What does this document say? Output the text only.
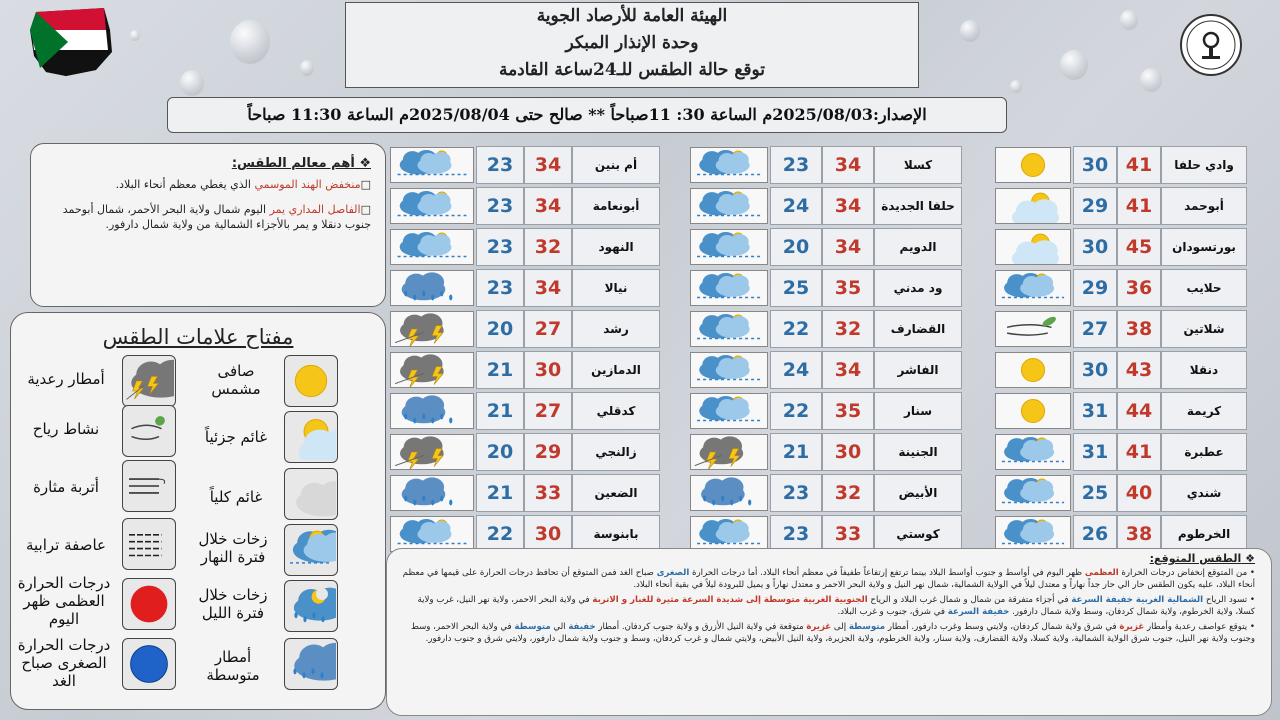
الهيئة العامة للأرصاد الجوية
وحدة الإنذار المبكر
توقع حالة الطقس للـ24ساعة القادمة
الإصدار:2025/08/03م الساعة 30: 11صباحاً ** صالح حتى 2025/08/04م الساعة 11:30 صباحاً
❖ أهم معالم الطقس:

□منخفض الهند الموسمي الذي يغطي معظم أنحاء البلاد.

□الفاصل المداري يمر اليوم شمال ولاية البحر الأحمر، شمال أبوحمد جنوب دنقلا و يمر بالأجزاء الشمالية من ولاية شمال دارفور.

مفتاح علامات الطقس
30 41	وادي حلفا
29 41	أبوحمد
30 45	بورتسودان
29 36	حلايب
27 38	شلاتين
30 43	دنقلا
31 44	كريمة
31 41	عطبرة
25 40	شندي
26 38	الخرطوم
23	34	كسلا
24	34	حلفا الجديدة
20	34	الدويم
25	35	ود مدني
22	32	القضارف
24	34	الفاشر
22	35	سنار
21	30	الجنينة
23	32	الأبيض
23	33	كوستي
23	34	أم بنين
23	34	أبونعامة
23	32	النهود
23	34	نيالا
20	27	رشد
21	30	الدمازين
21	27	كدقلي
20	29	زالنجي
21	33	الضعين
22	30	بابنوسة
❖ الطقس المتوقع:

• من المتوقع إنخفاض درجات الحرارة العظمى ظهر اليوم في أواسط و جنوب أواسط البلاد بينما ترتفع إرتفاعاً طفيفاً في معظم أنحاء البلاد. أما درجات الحرارة الصغرى صباح الغد فمن المتوقع أن تحافظ درجات الحرارة على قيمها في معظم أنحاء البلاد، عليه يكون الطقس حار الي حار جداً نهاراً و معتدل ليلاً في الولاية الشمالية، شمال نهر النيل و ولاية البحر الاحمر و معتدل نهاراً و يميل للبرودة ليلاً في بقية أنحاء البلاد.

• تسود الرياح الشمالية الغربية خفيفة السرعة في أجزاء متفرقة من شمال و شمال غرب البلاد و الرياح الجنوبية الغربية متوسطة إلى شديدة السرعة مثيرة للغبار و الاتربة في ولاية البحر الاحمر، ولاية نهر النيل، غرب ولاية كسلا، ولاية الخرطوم، ولاية شمال كردفان، وسط ولاية شمال دارفور. خفيفة السرعة في شرق، جنوب و غرب البلاد.

• يتوقع عواصف رعدية وأمطار غزيرة في شرق ولاية شمال كردفان، ولايتي وسط وغرب دارفور. أمطار متوسطة إلى غزيرة متوقعة في ولاية النيل الأزرق و ولاية جنوب كردفان. أمطار خفيفة الي متوسطة في ولاية البحر الاحمر، وسط وجنوب ولاية نهر النيل، جنوب شرق الولاية الشمالية، ولاية كسلا، ولاية القضارف، ولاية سنار، ولاية الخرطوم، ولاية الجزيرة، ولاية النيل الأبيض، ولايتي شمال و غرب كردفان، وسط و جنوب ولاية شمال دارفور، ولايتي شرق و جنوب دارفور.

صافى مشمس
أمطار رعدية
غائم جزئياً
نشاط رياح
غائم كلياً
أتربة مثارة
زخات خلال فترة النهار
عاصفة ترابية
زخات خلال فترة الليل
درجات الحرارة العظمى ظهر اليوم
أمطار متوسطة
درجات الحرارة الصغرى صباح الغد
